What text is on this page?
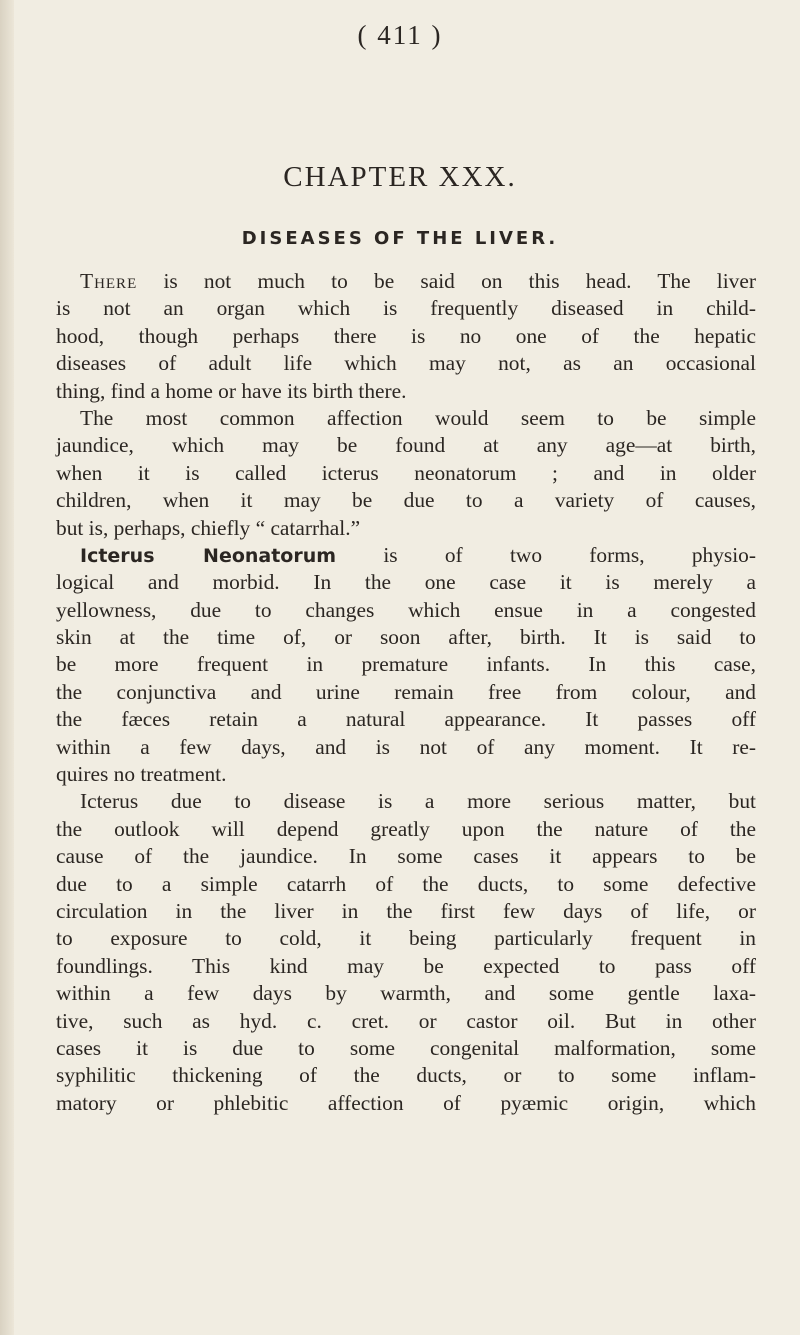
( 411 )
CHAPTER XXX.
DISEASES OF THE LIVER.
There is not much to be said on this head. The liver
is not an organ which is frequently diseased in child-
hood, though perhaps there is no one of the hepatic
diseases of adult life which may not, as an occasional
thing, find a home or have its birth there.
The most common affection would seem to be simple
jaundice, which may be found at any age—at birth,
when it is called icterus neonatorum ; and in older
children, when it may be due to a variety of causes,
but is, perhaps, chiefly “ catarrhal.”
Icterus Neonatorum is of two forms, physio-
logical and morbid. In the one case it is merely a
yellowness, due to changes which ensue in a congested
skin at the time of, or soon after, birth. It is said to
be more frequent in premature infants. In this case,
the conjunctiva and urine remain free from colour, and
the fæces retain a natural appearance. It passes off
within a few days, and is not of any moment. It re-
quires no treatment.
Icterus due to disease is a more serious matter, but
the outlook will depend greatly upon the nature of the
cause of the jaundice. In some cases it appears to be
due to a simple catarrh of the ducts, to some defective
circulation in the liver in the first few days of life, or
to exposure to cold, it being particularly frequent in
foundlings. This kind may be expected to pass off
within a few days by warmth, and some gentle laxa-
tive, such as hyd. c. cret. or castor oil. But in other
cases it is due to some congenital malformation, some
syphilitic thickening of the ducts, or to some inflam-
matory or phlebitic affection of pyæmic origin, which
